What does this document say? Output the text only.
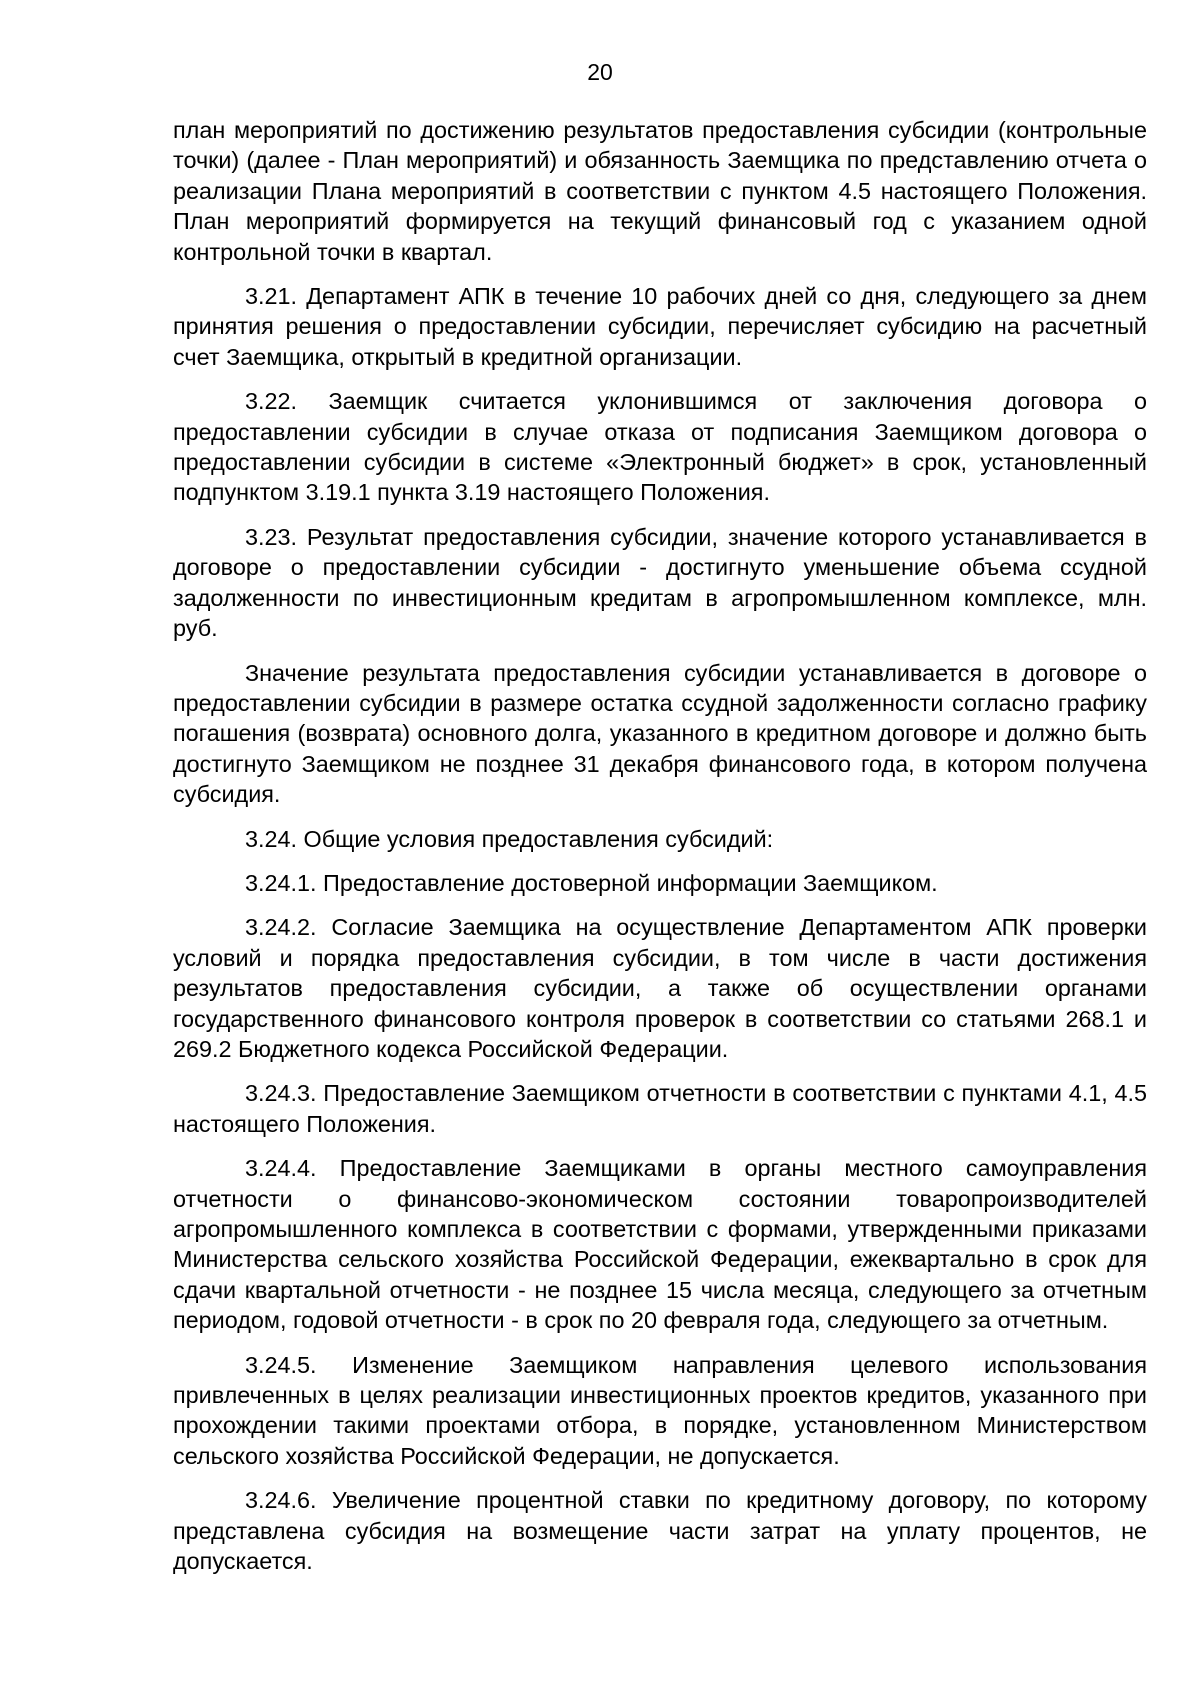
20

план мероприятий по достижению результатов предоставления субсидии (контрольные точки) (далее - План мероприятий) и обязанность Заемщика по представлению отчета о реализации Плана мероприятий в соответствии с пунктом 4.5 настоящего Положения. План мероприятий формируется на текущий финансовый год с указанием одной контрольной точки в квартал.

3.21. Департамент АПК в течение 10 рабочих дней со дня, следующего за днем принятия решения о предоставлении субсидии, перечисляет субсидию на расчетный счет Заемщика, открытый в кредитной организации.

3.22. Заемщик считается уклонившимся от заключения договора о предоставлении субсидии в случае отказа от подписания Заемщиком договора о предоставлении субсидии в системе «Электронный бюджет» в срок, установленный подпунктом 3.19.1 пункта 3.19 настоящего Положения.

3.23. Результат предоставления субсидии, значение которого устанавливается в договоре о предоставлении субсидии - достигнуто уменьшение объема ссудной задолженности по инвестиционным кредитам в агропромышленном комплексе, млн. руб.

Значение результата предоставления субсидии устанавливается в договоре о предоставлении субсидии в размере остатка ссудной задолженности согласно графику погашения (возврата) основного долга, указанного в кредитном договоре и должно быть достигнуто Заемщиком не позднее 31 декабря финансового года, в котором получена субсидия.

3.24. Общие условия предоставления субсидий:

3.24.1. Предоставление достоверной информации Заемщиком.

3.24.2. Согласие Заемщика на осуществление Департаментом АПК проверки условий и порядка предоставления субсидии, в том числе в части достижения результатов предоставления субсидии, а также об осуществлении органами государственного финансового контроля проверок в соответствии со статьями 268.1 и 269.2 Бюджетного кодекса Российской Федерации.

3.24.3. Предоставление Заемщиком отчетности в соответствии с пунктами 4.1, 4.5 настоящего Положения.

3.24.4. Предоставление Заемщиками в органы местного самоуправления отчетности о финансово-экономическом состоянии товаропроизводителей агропромышленного комплекса в соответствии с формами, утвержденными приказами Министерства сельского хозяйства Российской Федерации, ежеквартально в срок для сдачи квартальной отчетности - не позднее 15 числа месяца, следующего за отчетным периодом, годовой отчетности - в срок по 20 февраля года, следующего за отчетным.

3.24.5. Изменение Заемщиком направления целевого использования привлеченных в целях реализации инвестиционных проектов кредитов, указанного при прохождении такими проектами отбора, в порядке, установленном Министерством сельского хозяйства Российской Федерации, не допускается.

3.24.6. Увеличение процентной ставки по кредитному договору, по которому представлена субсидия на возмещение части затрат на уплату процентов, не допускается.
